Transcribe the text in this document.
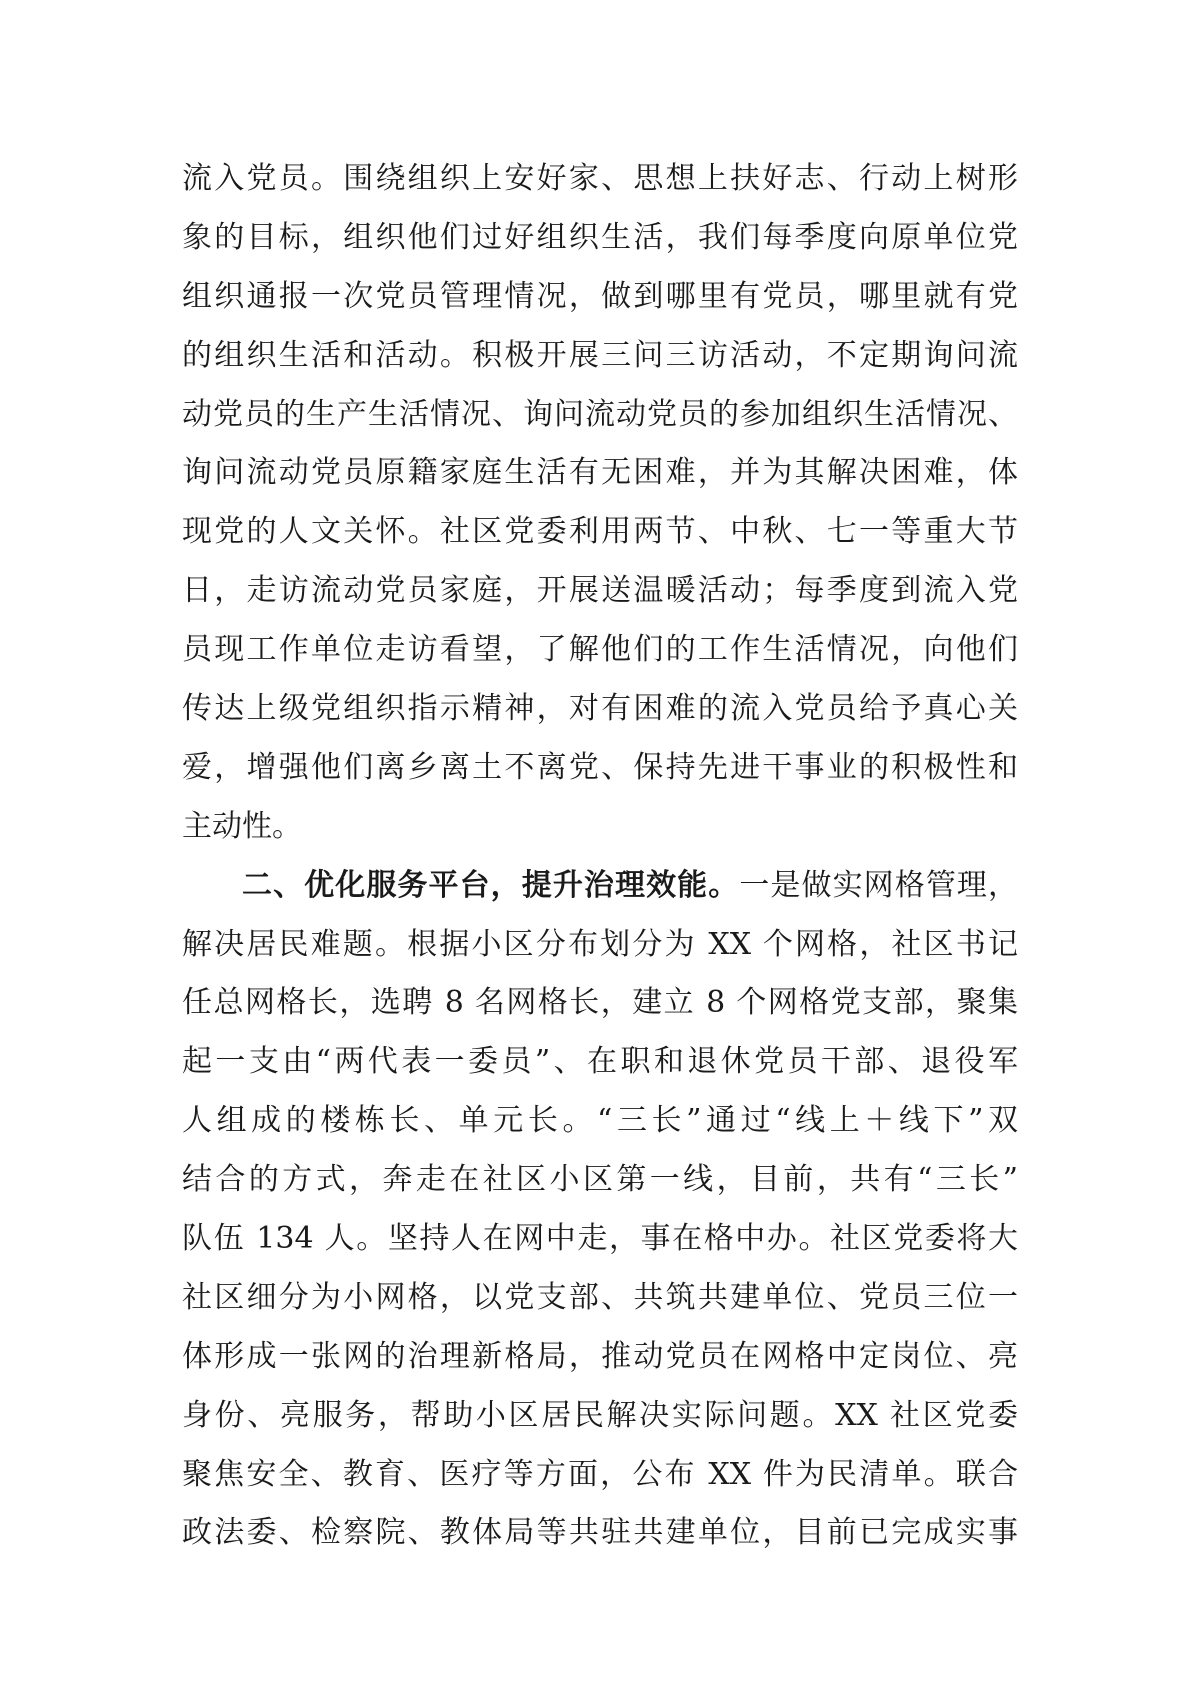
流入党员。围绕组织上安好家、思想上扶好志、行动上树形
象的目标，组织他们过好组织生活，我们每季度向原单位党
组织通报一次党员管理情况，做到哪里有党员，哪里就有党
的组织生活和活动。积极开展三问三访活动，不定期询问流
动党员的生产生活情况、询问流动党员的参加组织生活情况、
询问流动党员原籍家庭生活有无困难，并为其解决困难，体
现党的人文关怀。社区党委利用两节、中秋、七一等重大节
日，走访流动党员家庭，开展送温暖活动；每季度到流入党
员现工作单位走访看望，了解他们的工作生活情况，向他们
传达上级党组织指示精神，对有困难的流入党员给予真心关
爱，增强他们离乡离土不离党、保持先进干事业的积极性和
主动性。
二、优化服务平台，提升治理效能。一是做实网格管理，
解决居民难题。根据小区分布划分为 XX 个网格，社区书记
任总网格长，选聘 8 名网格长，建立 8 个网格党支部，聚集
起一支由“两代表一委员”、在职和退休党员干部、退役军
人组成的楼栋长、单元长。“三长”通过“线上＋线下”双
结合的方式，奔走在社区小区第一线，目前，共有“三长”
队伍 134 人。坚持人在网中走，事在格中办。社区党委将大
社区细分为小网格，以党支部、共筑共建单位、党员三位一
体形成一张网的治理新格局，推动党员在网格中定岗位、亮
身份、亮服务，帮助小区居民解决实际问题。XX 社区党委
聚焦安全、教育、医疗等方面，公布 XX 件为民清单。联合
政法委、检察院、教体局等共驻共建单位，目前已完成实事
